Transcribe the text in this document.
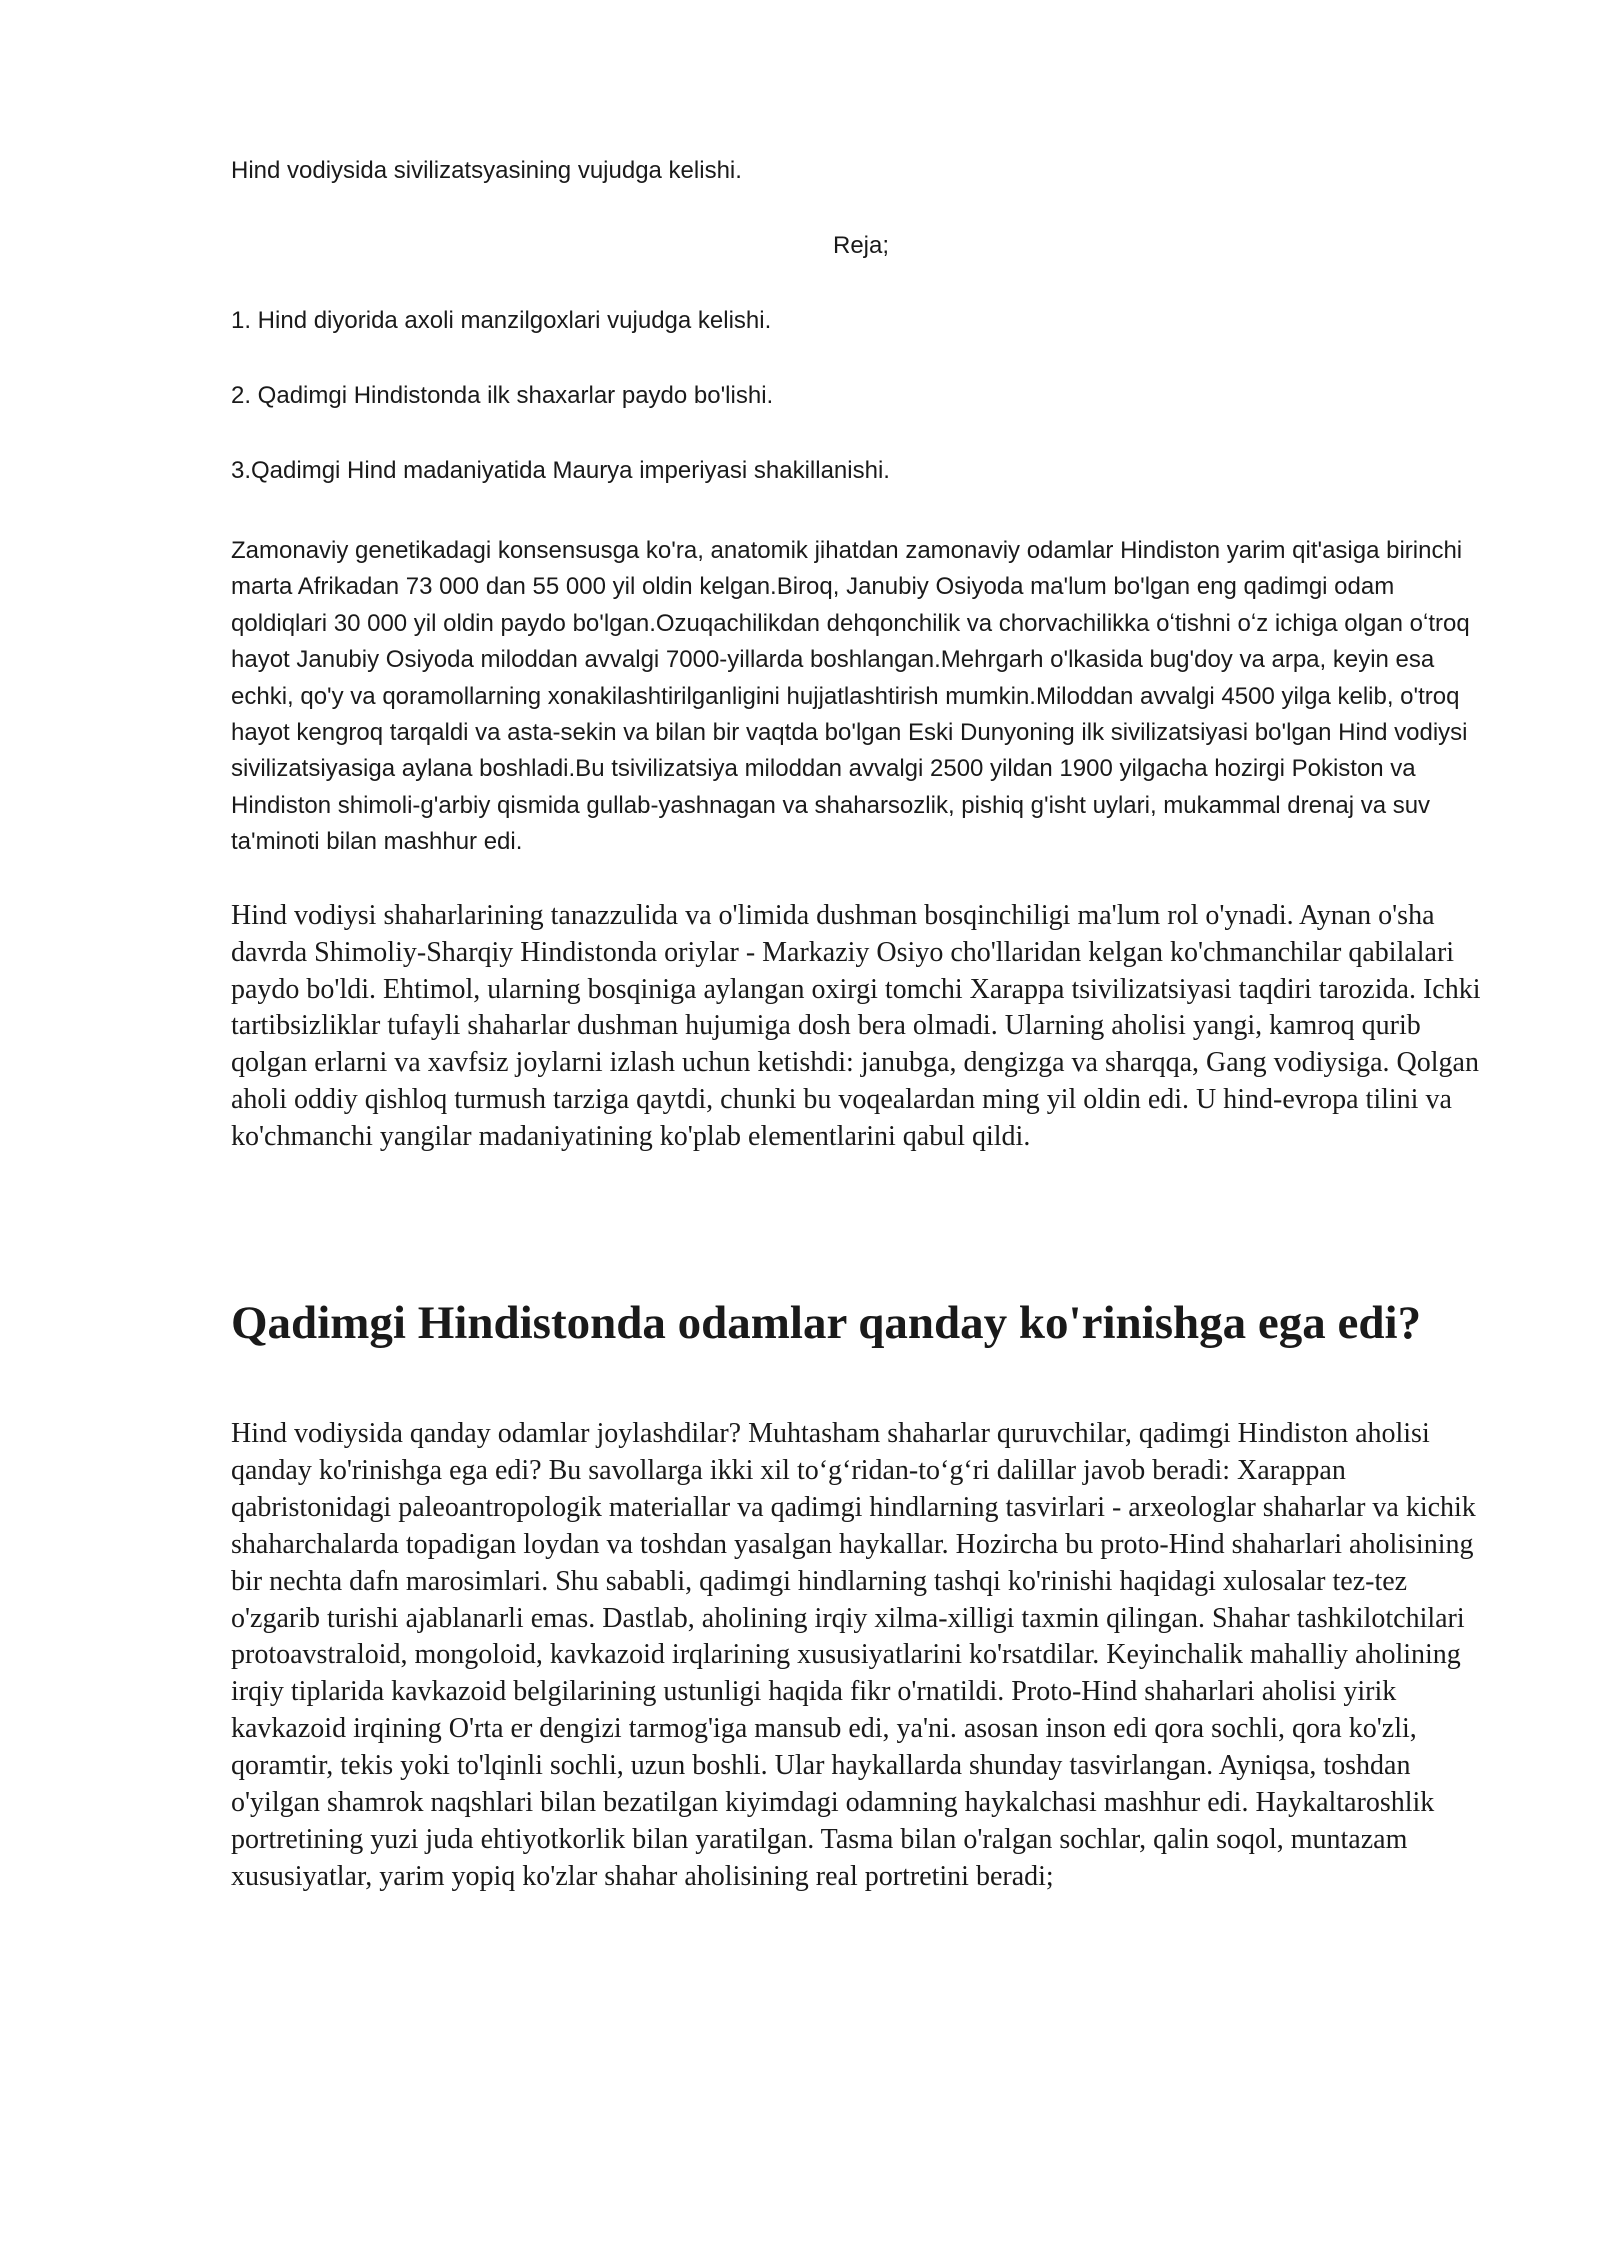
Hind vodiysida sivilizatsyasining vujudga kelishi.

Reja;

1. Hind diyorida axoli manzilgoxlari vujudga kelishi.

2. Qadimgi Hindistonda ilk shaxarlar paydo bo'lishi.

3.Qadimgi Hind madaniyatida Maurya imperiyasi shakillanishi.

Zamonaviy genetikadagi konsensusga ko'ra, anatomik jihatdan zamonaviy odamlar Hindiston yarim qit'asiga birinchi marta Afrikadan 73 000 dan 55 000 yil oldin kelgan.Biroq, Janubiy Osiyoda ma'lum bo'lgan eng qadimgi odam qoldiqlari 30 000 yil oldin paydo bo'lgan.Ozuqachilikdan dehqonchilik va chorvachilikka oʻtishni oʻz ichiga olgan oʻtroq hayot Janubiy Osiyoda miloddan avvalgi 7000-yillarda boshlangan.Mehrgarh o'lkasida bug'doy va arpa, keyin esa echki, qo'y va qoramollarning xonakilashtirilganligini hujjatlashtirish mumkin.Miloddan avvalgi 4500 yilga kelib, o'troq hayot kengroq tarqaldi va asta-sekin va bilan bir vaqtda bo'lgan Eski Dunyoning ilk sivilizatsiyasi bo'lgan Hind vodiysi sivilizatsiyasiga aylana boshladi.Bu tsivilizatsiya miloddan avvalgi 2500 yildan 1900 yilgacha hozirgi Pokiston va Hindiston shimoli-g'arbiy qismida gullab-yashnagan va shaharsozlik, pishiq g'isht uylari, mukammal drenaj va suv ta'minoti bilan mashhur edi.

Hind vodiysi shaharlarining tanazzulida va o'limida dushman bosqinchiligi ma'lum rol o'ynadi. Aynan o'sha davrda Shimoliy-Sharqiy Hindistonda oriylar - Markaziy Osiyo cho'llaridan kelgan ko'chmanchilar qabilalari paydo bo'ldi. Ehtimol, ularning bosqiniga aylangan oxirgi tomchi Xarappa tsivilizatsiyasi taqdiri tarozida. Ichki tartibsizliklar tufayli shaharlar dushman hujumiga dosh bera olmadi. Ularning aholisi yangi, kamroq qurib qolgan erlarni va xavfsiz joylarni izlash uchun ketishdi: janubga, dengizga va sharqqa, Gang vodiysiga. Qolgan aholi oddiy qishloq turmush tarziga qaytdi, chunki bu voqealardan ming yil oldin edi. U hind-evropa tilini va ko'chmanchi yangilar madaniyatining ko'plab elementlarini qabul qildi.

Qadimgi Hindistonda odamlar qanday ko'rinishga ega edi?

Hind vodiysida qanday odamlar joylashdilar? Muhtasham shaharlar quruvchilar, qadimgi Hindiston aholisi qanday ko'rinishga ega edi? Bu savollarga ikki xil toʻgʻridan-toʻgʻri dalillar javob beradi: Xarappan qabristonidagi paleoantropologik materiallar va qadimgi hindlarning tasvirlari - arxeologlar shaharlar va kichik shaharchalarda topadigan loydan va toshdan yasalgan haykallar. Hozircha bu proto-Hind shaharlari aholisining bir nechta dafn marosimlari. Shu sababli, qadimgi hindlarning tashqi ko'rinishi haqidagi xulosalar tez-tez o'zgarib turishi ajablanarli emas. Dastlab, aholining irqiy xilma-xilligi taxmin qilingan. Shahar tashkilotchilari protoavstraloid, mongoloid, kavkazoid irqlarining xususiyatlarini ko'rsatdilar. Keyinchalik mahalliy aholining irqiy tiplarida kavkazoid belgilarining ustunligi haqida fikr o'rnatildi. Proto-Hind shaharlari aholisi yirik kavkazoid irqining O'rta er dengizi tarmog'iga mansub edi, ya'ni. asosan inson edi qora sochli, qora ko'zli, qoramtir, tekis yoki to'lqinli sochli, uzun boshli. Ular haykallarda shunday tasvirlangan. Ayniqsa, toshdan o'yilgan shamrok naqshlari bilan bezatilgan kiyimdagi odamning haykalchasi mashhur edi. Haykaltaroshlik portretining yuzi juda ehtiyotkorlik bilan yaratilgan. Tasma bilan o'ralgan sochlar, qalin soqol, muntazam xususiyatlar, yarim yopiq ko'zlar shahar aholisining real portretini beradi;
